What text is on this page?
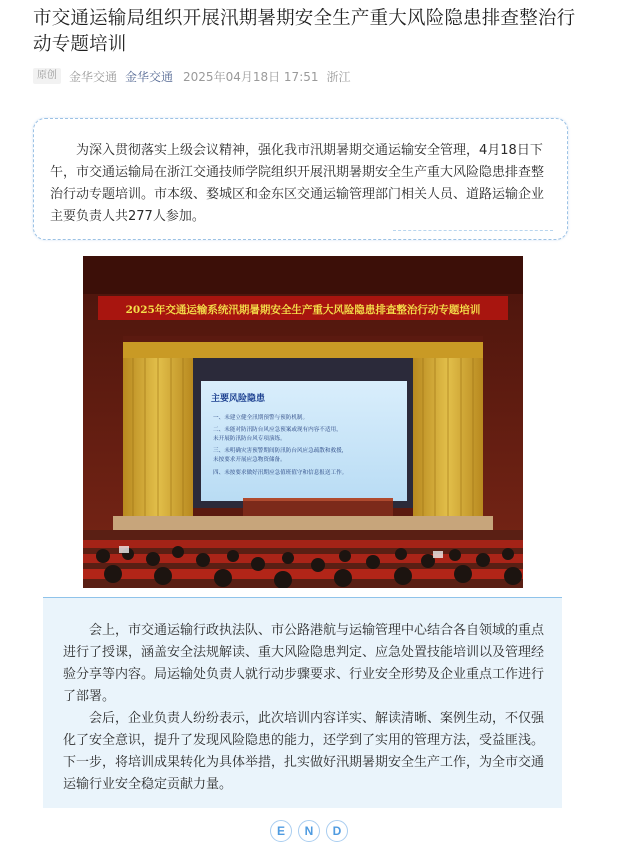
市交通运输局组织开展汛期暑期安全生产重大风险隐患排查整治行动专题培训
原创	金华交通 金华交通 2025年04月18日 17:51 浙江

为深入贯彻落实上级会议精神，强化我市汛期暑期交通运输安全管理，4月18日下午，市交通运输局在浙江交通技师学院组织开展汛期暑期安全生产重大风险隐患排查整治行动专题培训。市本级、婺城区和金东区交通运输管理部门相关人员、道路运输企业主要负责人共277人参加。

2025年交通运输系统汛期暑期安全生产重大风险隐患排查整治行动专题培训
主要风险隐患
一、未建立健全汛期预警与预防机制。
二、未能对防汛防台风应急预案或现有内容不适用，
未开展防汛防台风专项演练。
三、未明确灾害预警期间防汛防台风应急疏散和救援，
未按要求开展应急物资储备。
四、未按要求做好汛期应急值班值守和信息报送工作。

会上，市交通运输行政执法队、市公路港航与运输管理中心结合各自领域的重点进行了授课，涵盖安全法规解读、重大风险隐患判定、应急处置技能培训以及管理经验分享等内容。局运输处负责人就行动步骤要求、行业安全形势及企业重点工作进行了部署。

会后，企业负责人纷纷表示，此次培训内容详实、解读清晰、案例生动，不仅强化了安全意识，提升了发现风险隐患的能力，还学到了实用的管理方法，受益匪浅。下一步，将培训成果转化为具体举措，扎实做好汛期暑期安全生产工作，为全市交通运输行业安全稳定贡献力量。

E	N	D
